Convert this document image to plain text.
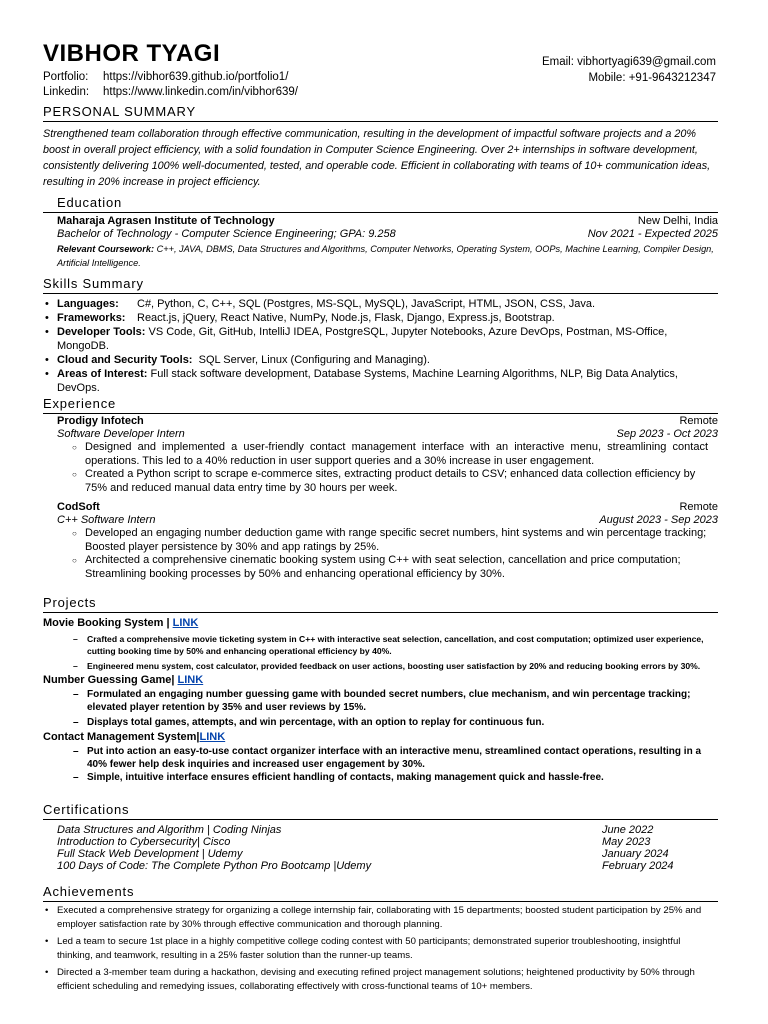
VIBHOR TYAGI	Email: vibhortyagi639@gmail.com
Mobile: +91-9643212347
Portfolio: https://vibhor639.github.io/portfolio1/
Linkedin: https://www.linkedin.com/in/vibhor639/
PERSONAL SUMMARY
Strengthened team collaboration through effective communication, resulting in the development of impactful software projects and a 20% boost in overall project efficiency, with a solid foundation in Computer Science Engineering. Over 2+ internships in software development, consistently delivering 100% well-documented, tested, and operable code. Efficient in collaborating with teams of 10+ communication ideas, resulting in 20% increase in project efficiency.
Education
Maharaja Agrasen Institute of Technology	New Delhi, India
Bachelor of Technology - Computer Science Engineering; GPA: 9.258	Nov 2021 - Expected 2025
Relevant Coursework: C++, JAVA, DBMS, Data Structures and Algorithms, Computer Networks, Operating System, OOPs, Machine Learning, Compiler Design, Artificial Intelligence.
Skills Summary
• Languages: C#, Python, C, C++, SQL (Postgres, MS-SQL, MySQL), JavaScript, HTML, JSON, CSS, Java.
• Frameworks: React.js, jQuery, React Native, NumPy, Node.js, Flask, Django, Express.js, Bootstrap.
• Developer Tools: VS Code, Git, GitHub, IntelliJ IDEA, PostgreSQL, Jupyter Notebooks, Azure DevOps, Postman, MS-Office, MongoDB.
• Cloud and Security Tools: SQL Server, Linux (Configuring and Managing).
• Areas of Interest: Full stack software development, Database Systems, Machine Learning Algorithms, NLP, Big Data Analytics, DevOps.
Experience
Prodigy Infotech	Remote
Software Developer Intern	Sep 2023 - Oct 2023
○ Designed and implemented a user-friendly contact management interface with an interactive menu, streamlining contact operations. This led to a 40% reduction in user support queries and a 30% increase in user engagement.
○ Created a Python script to scrape e-commerce sites, extracting product details to CSV; enhanced data collection efficiency by 75% and reduced manual data entry time by 30 hours per week.
CodSoft	Remote
C++ Software Intern	August 2023 - Sep 2023
○ Developed an engaging number deduction game with range specific secret numbers, hint systems and win percentage tracking; Boosted player persistence by 30% and app ratings by 25%.
○ Architected a comprehensive cinematic booking system using C++ with seat selection, cancellation and price computation; Streamlining booking processes by 50% and enhancing operational efficiency by 30%.
Projects
Movie Booking System | LINK
– Crafted a comprehensive movie ticketing system in C++ with interactive seat selection, cancellation, and cost computation; optimized user experience, cutting booking time by 50% and enhancing operational efficiency by 40%.
– Engineered menu system, cost calculator, provided feedback on user actions, boosting user satisfaction by 20% and reducing booking errors by 30%.
Number Guessing Game| LINK
– Formulated an engaging number guessing game with bounded secret numbers, clue mechanism, and win percentage tracking; elevated player retention by 35% and user reviews by 15%.
– Displays total games, attempts, and win percentage, with an option to replay for continuous fun.
Contact Management System|LINK
– Put into action an easy-to-use contact organizer interface with an interactive menu, streamlined contact operations, resulting in a 40% fewer help desk inquiries and increased user engagement by 30%.
– Simple, intuitive interface ensures efficient handling of contacts, making management quick and hassle-free.
Certifications
Data Structures and Algorithm | Coding Ninjas	June 2022
Introduction to Cybersecurity| Cisco	May 2023
Full Stack Web Development | Udemy	January 2024
100 Days of Code: The Complete Python Pro Bootcamp |Udemy	February 2024
Achievements
• Executed a comprehensive strategy for organizing a college internship fair, collaborating with 15 departments; boosted student participation by 25% and employer satisfaction rate by 30% through effective communication and thorough planning.
• Led a team to secure 1st place in a highly competitive college coding contest with 50 participants; demonstrated superior troubleshooting, insightful thinking, and teamwork, resulting in a 25% faster solution than the runner-up teams.
• Directed a 3-member team during a hackathon, devising and executing refined project management solutions; heightened productivity by 50% through efficient scheduling and remedying issues, collaborating effectively with cross-functional teams of 10+ members.
